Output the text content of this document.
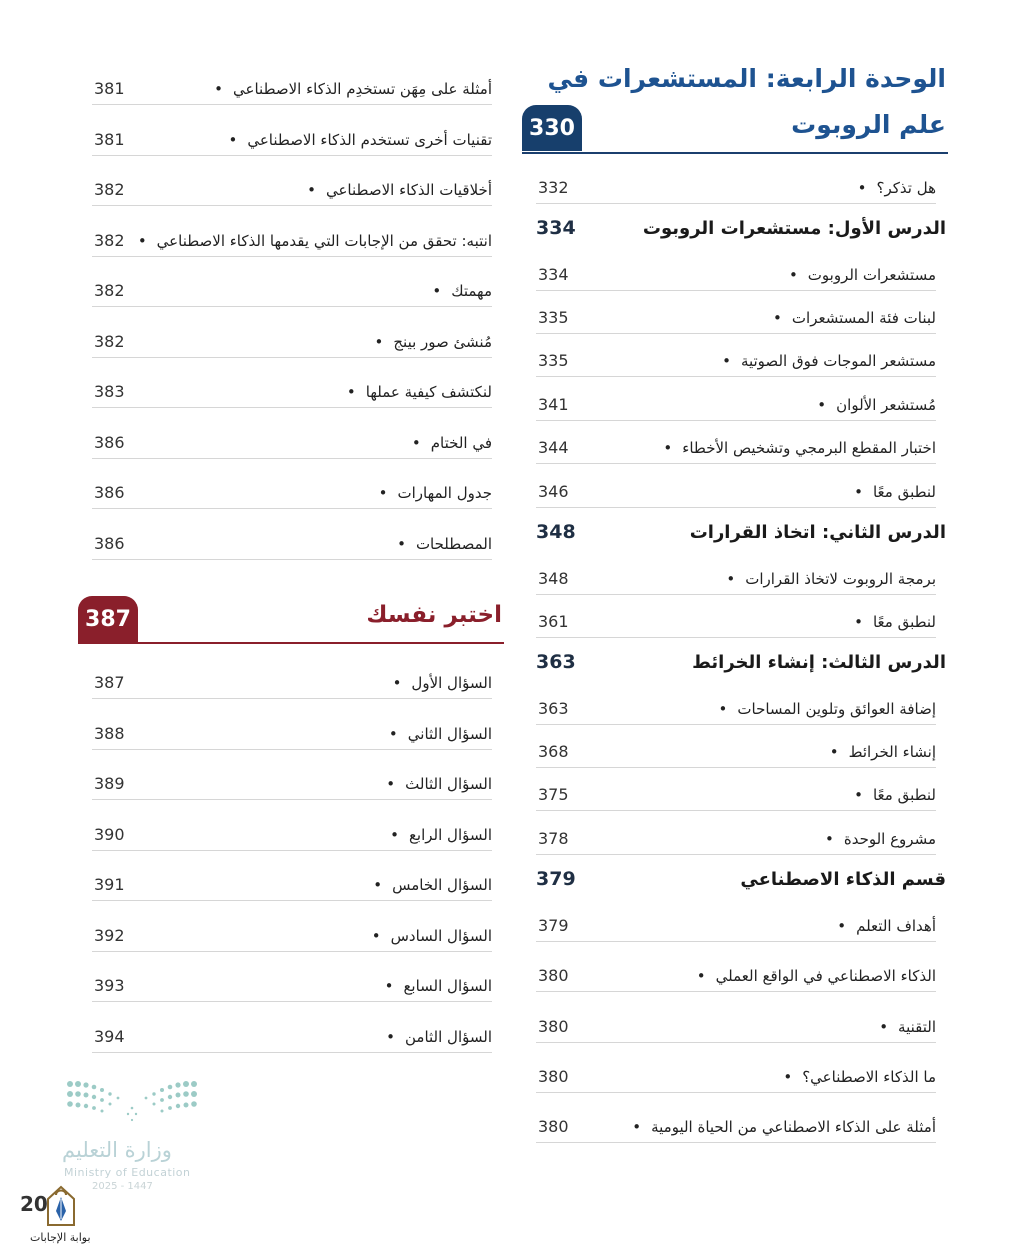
الوحدة الرابعة: المستشعرات في
علم الروبوت
330
هل تذكر؟ •
332
الدرس الأول: مستشعرات الروبوت
334
مستشعرات الروبوت •
334
لبنات فئة المستشعرات •
335
مستشعر الموجات فوق الصوتية •
335
مُستشعر الألوان •
341
اختبار المقطع البرمجي وتشخيص الأخطاء •
344
لنطبق معًا •
346
الدرس الثاني: اتخاذ القرارات
348
برمجة الروبوت لاتخاذ القرارات •
348
لنطبق معًا •
361
الدرس الثالث: إنشاء الخرائط
363
إضافة العوائق وتلوين المساحات •
363
إنشاء الخرائط •
368
لنطبق معًا •
375
مشروع الوحدة •
378
قسم الذكاء الاصطناعي
379
أهداف التعلم •
379
الذكاء الاصطناعي في الواقع العملي •
380
التقنية •
380
ما الذكاء الاصطناعي؟ •
380
أمثلة على الذكاء الاصطناعي من الحياة اليومية •
380
أمثلة على مِهَن تستخدِم الذكاء الاصطناعي •
381
تقنيات أخرى تستخدم الذكاء الاصطناعي •
381
أخلاقيات الذكاء الاصطناعي •
382
انتبه: تحقق من الإجابات التي يقدمها الذكاء الاصطناعي •
382
مهمتك •
382
مُنشئ صور بينج •
382
لنكتشف كيفية عملها •
383
في الختام •
386
جدول المهارات •
386
المصطلحات •
386
387	اختبر نفسك
السؤال الأول •
387
السؤال الثاني •
388
السؤال الثالث •
389
السؤال الرابع •
390
السؤال الخامس •
391
السؤال السادس •
392
السؤال السابع •
393
السؤال الثامن •
394
وزارة التعليم
Ministry of Education
2025 - 1447
20
بوابة الإجابات
